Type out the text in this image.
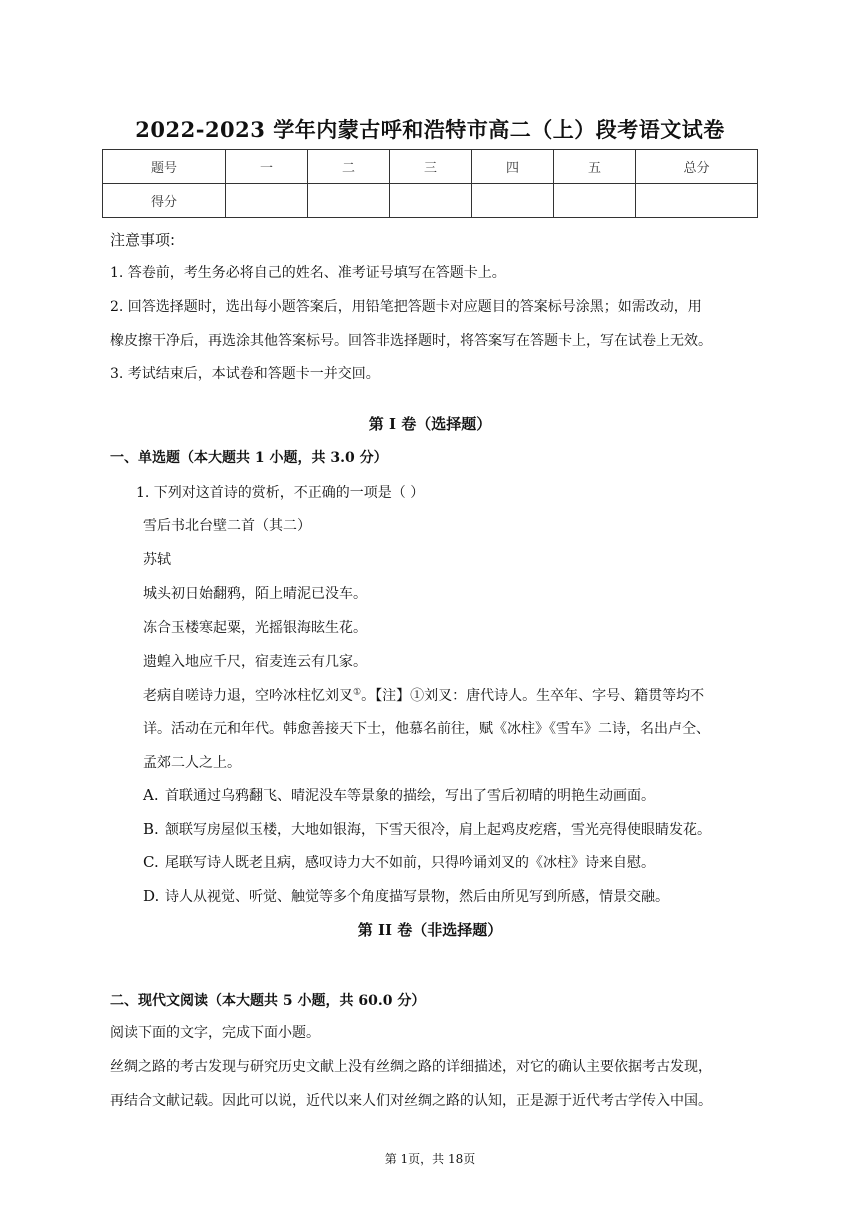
2022-2023 学年内蒙古呼和浩特市高二（上）段考语文试卷
题号	一	二	三	四	五	总分
得分						
注意事项:
1. 答卷前，考生务必将自己的姓名、准考证号填写在答题卡上。
2. 回答选择题时，选出每小题答案后，用铅笔把答题卡对应题目的答案标号涂黑；如需改动，用
橡皮擦干净后，再选涂其他答案标号。回答非选择题时，将答案写在答题卡上，写在试卷上无效。
3. 考试结束后，本试卷和答题卡一并交回。
第 I 卷（选择题）
一、单选题（本大题共 1 小题，共 3.0 分）
1. 下列对这首诗的赏析，不正确的一项是（ ）
雪后书北台壁二首（其二）
苏轼
城头初日始翻鸦，陌上晴泥已没车。
冻合玉楼寒起粟，光摇银海眩生花。
遗蝗入地应千尺，宿麦连云有几家。
老病自嗟诗力退，空吟冰柱忆刘叉①。【注】①刘叉：唐代诗人。生卒年、字号、籍贯等均不
详。活动在元和年代。韩愈善接天下士，他慕名前往，赋《冰柱》《雪车》二诗，名出卢仝、
孟郊二人之上。
A. 首联通过乌鸦翻飞、晴泥没车等景象的描绘，写出了雪后初晴的明艳生动画面。
B. 颔联写房屋似玉楼，大地如银海，下雪天很冷，肩上起鸡皮疙瘩，雪光亮得使眼睛发花。
C. 尾联写诗人既老且病，感叹诗力大不如前，只得吟诵刘叉的《冰柱》诗来自慰。
D. 诗人从视觉、听觉、触觉等多个角度描写景物，然后由所见写到所感，情景交融。
第 II 卷（非选择题）
二、现代文阅读（本大题共 5 小题，共 60.0 分）
阅读下面的文字，完成下面小题。
丝绸之路的考古发现与研究历史文献上没有丝绸之路的详细描述，对它的确认主要依据考古发现，
再结合文献记载。因此可以说，近代以来人们对丝绸之路的认知，正是源于近代考古学传入中国。
第 1页，共 18页
